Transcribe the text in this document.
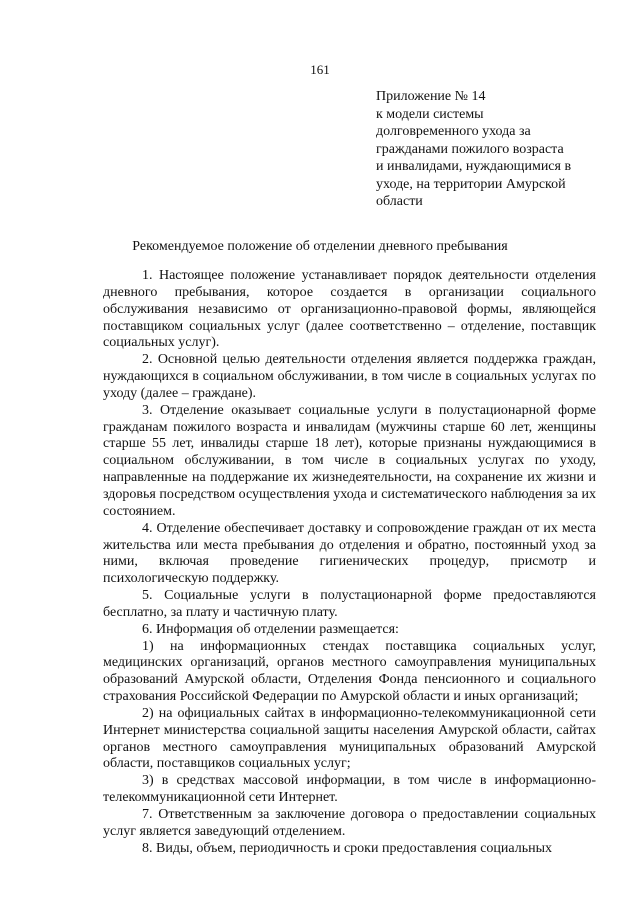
161
Приложение № 14
к модели системы
долговременного ухода за
гражданами пожилого возраста
и инвалидами, нуждающимися в
уходе, на территории Амурской
области
Рекомендуемое положение об отделении дневного пребывания

1. Настоящее положение устанавливает порядок деятельности отделения дневного пребывания, которое создается в организации социального обслуживания независимо от организационно-правовой формы, являющейся поставщиком социальных услуг (далее соответственно – отделение, поставщик социальных услуг).

2. Основной целью деятельности отделения является поддержка граждан, нуждающихся в социальном обслуживании, в том числе в социальных услугах по уходу (далее – граждане).

3. Отделение оказывает социальные услуги в полустационарной форме гражданам пожилого возраста и инвалидам (мужчины старше 60 лет, женщины старше 55 лет, инвалиды старше 18 лет), которые признаны нуждающимися в социальном обслуживании, в том числе в социальных услугах по уходу, направленные на поддержание их жизнедеятельности, на сохранение их жизни и здоровья посредством осуществления ухода и систематического наблюдения за их состоянием.

4. Отделение обеспечивает доставку и сопровождение граждан от их места жительства или места пребывания до отделения и обратно, постоянный уход за ними, включая проведение гигиенических процедур, присмотр и психологическую поддержку.

5. Социальные услуги в полустационарной форме предоставляются бесплатно, за плату и частичную плату.

6. Информация об отделении размещается:

1) на информационных стендах поставщика социальных услуг, медицинских организаций, органов местного самоуправления муниципальных образований Амурской области, Отделения Фонда пенсионного и социального страхования Российской Федерации по Амурской области и иных организаций;

2) на официальных сайтах в информационно-телекоммуникационной сети Интернет министерства социальной защиты населения Амурской области, сайтах органов местного самоуправления муниципальных образований Амурской области, поставщиков социальных услуг;

3) в средствах массовой информации, в том числе в информационно-телекоммуникационной сети Интернет.

7. Ответственным за заключение договора о предоставлении социальных услуг является заведующий отделением.

8. Виды, объем, периодичность и сроки предоставления социальных
